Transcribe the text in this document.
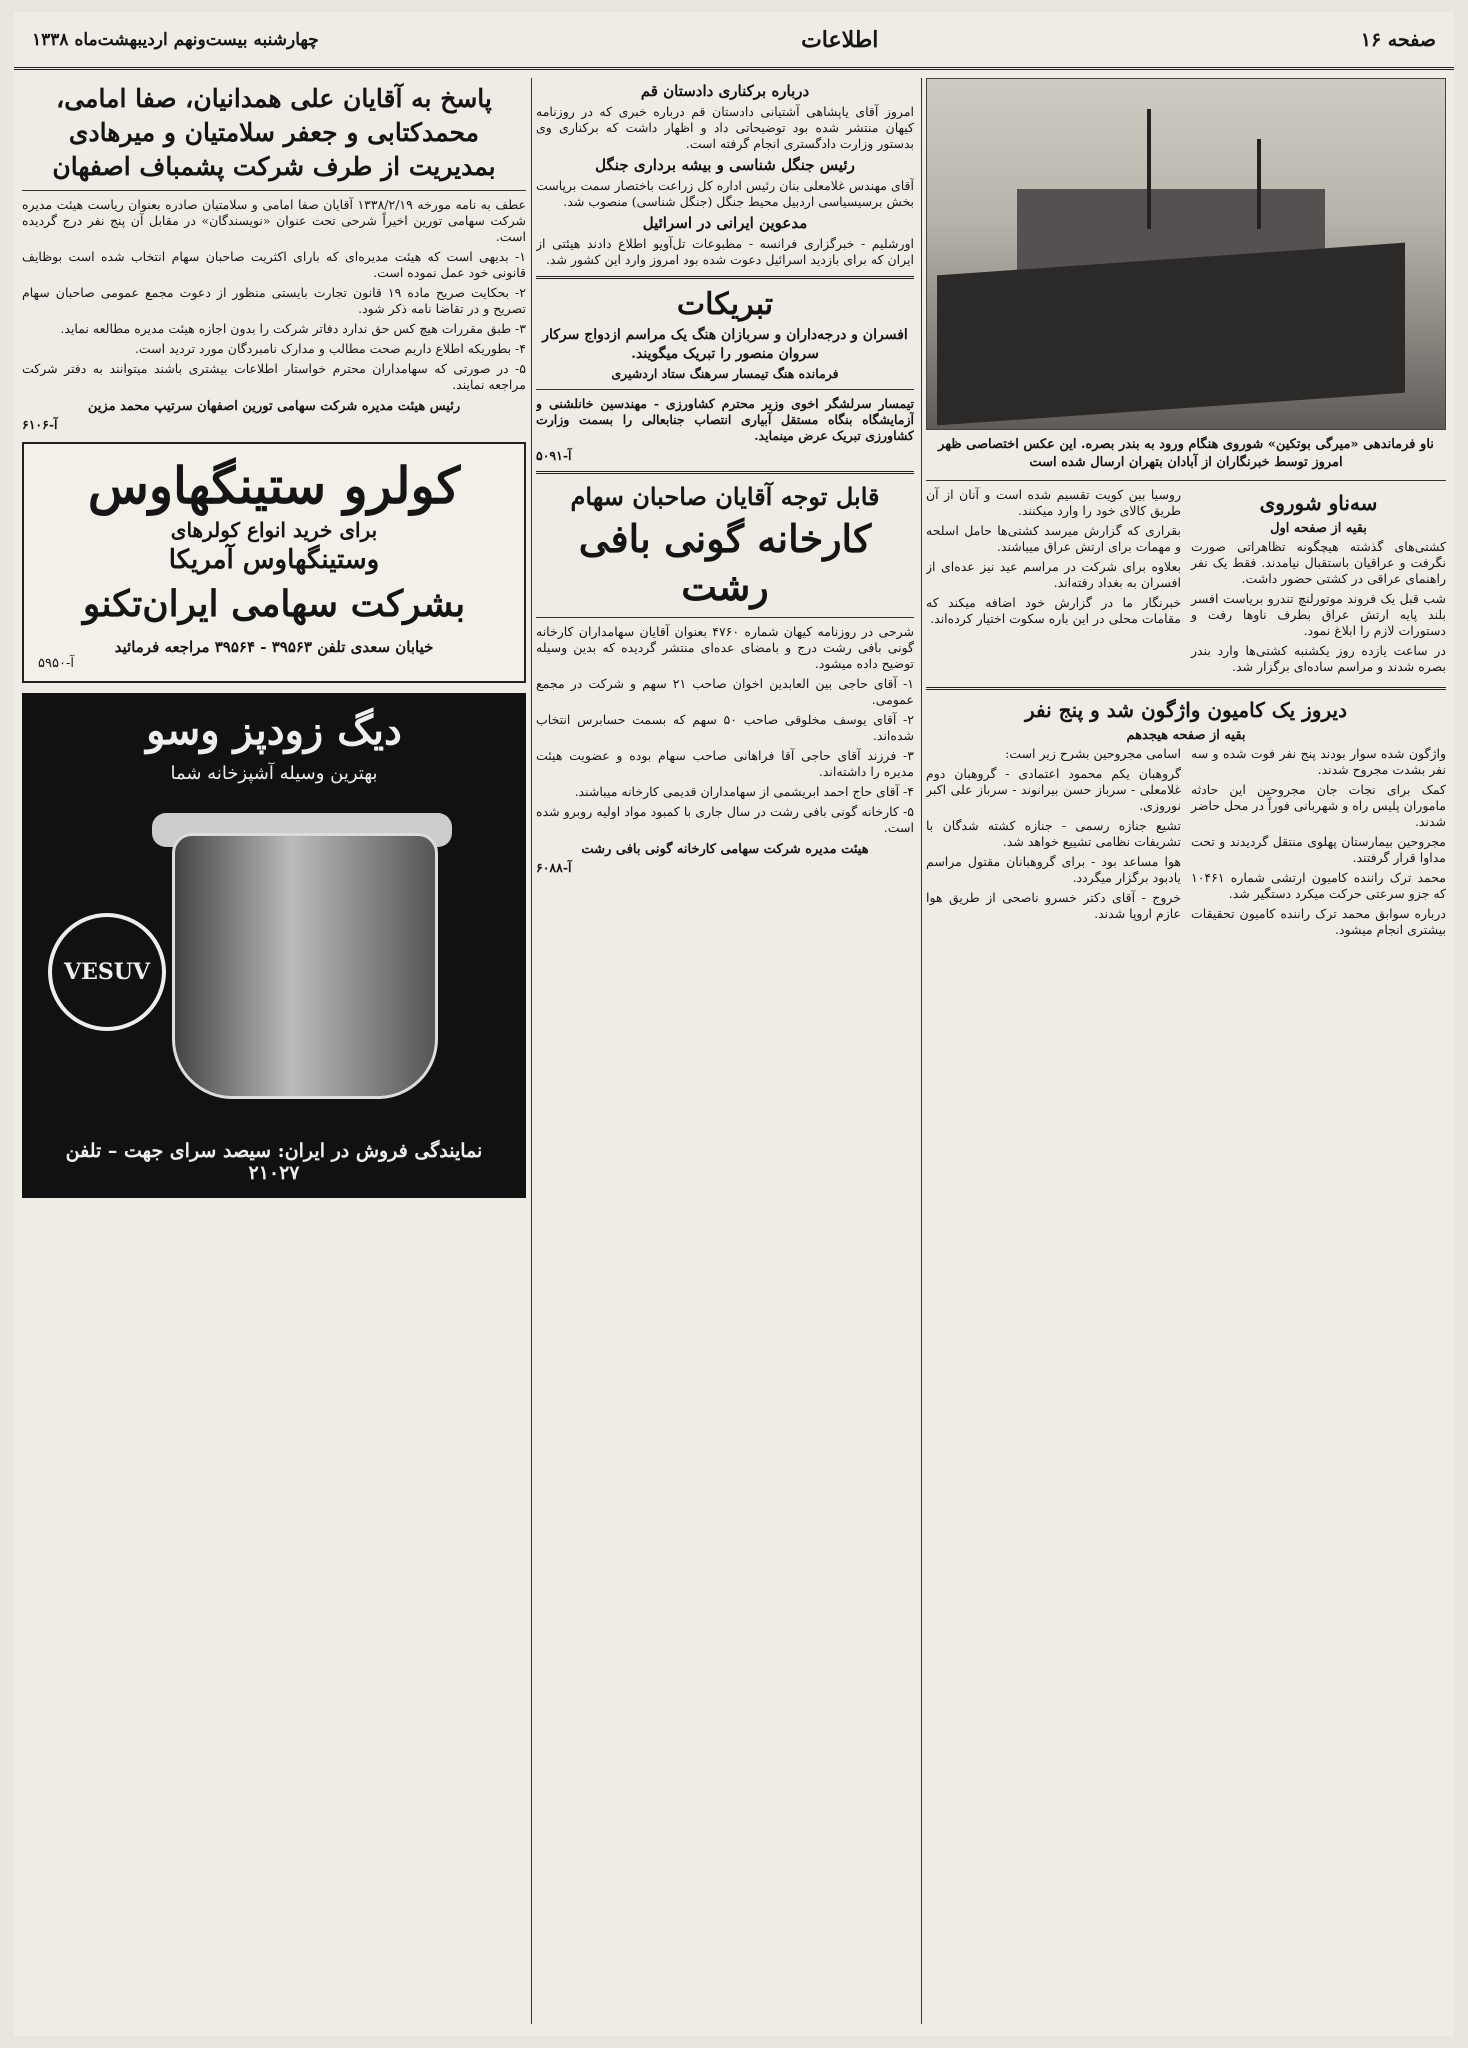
صفحه ۱۶
اطلاعات
چهارشنبه بیست‌ونهم اردیبهشت‌ماه ۱۳۳۸
ناو فرماندهی «میرگی بوتکین» شوروی هنگام ورود به بندر بصره. این عکس اختصاصی ظهر امروز توسط خبرنگاران از آبادان بتهران ارسال شده است
سه‌ناو شوروی
بقیه از صفحه اول

کشتی‌های گذشته هیچگونه تظاهراتی صورت نگرفت و عراقیان باستقبال نیامدند. فقط یک نفر راهنمای عراقی در کشتی حضور داشت.

شب قبل یک فروند موتورلنچ تندرو بریاست افسر بلند پایه ارتش عراق بطرف ناوها رفت و دستورات لازم را ابلاغ نمود.

در ساعت یازده روز یکشنبه کشتی‌ها وارد بندر بصره شدند و مراسم ساده‌ای برگزار شد.

روسیا بین کویت تقسیم شده است و آنان از آن طریق کالای خود را وارد میکنند.

بقراری که گزارش میرسد کشتی‌ها حامل اسلحه و مهمات برای ارتش عراق میباشند.

بعلاوه برای شرکت در مراسم عید نیز عده‌ای از افسران به بغداد رفته‌اند.

خبرنگار ما در گزارش خود اضافه میکند که مقامات محلی در این باره سکوت اختیار کرده‌اند.

دیروز یک کامیون واژگون شد و پنج نفر
بقیه از صفحه هیجدهم

واژگون شده سوار بودند پنج نفر فوت شده و سه نفر بشدت مجروح شدند.

کمک برای نجات جان مجروحین این حادثه ماموران پلیس راه و شهربانی فوراً در محل حاضر شدند.

مجروحین بیمارستان پهلوی منتقل گردیدند و تحت مداوا قرار گرفتند.

محمد ترک راننده کامیون ارتشی شماره ۱۰۴۶۱ که جزو سرعتی حرکت میکرد دستگیر شد.

درباره سوابق محمد ترک راننده کامیون تحقیقات بیشتری انجام میشود.

اسامی مجروحین بشرح زیر است:

گروهبان یکم محمود اعتمادی - گروهبان دوم غلامعلی - سرباز حسن بیرانوند - سرباز علی اکبر نوروزی.

تشیع جنازه رسمی - جنازه کشته شدگان با تشریفات نظامی تشییع خواهد شد.

هوا مساعد بود - برای گروهبانان مقتول مراسم یادبود برگزار میگردد.

خروج - آقای دکتر خسرو ناصحی از طریق هوا عازم اروپا شدند.

درباره برکناری دادستان قم

امروز آقای یاپشاهی آشتیانی دادستان قم درباره خبری که در روزنامه کیهان منتشر شده بود توضیحاتی داد و اظهار داشت که برکناری وی بدستور وزارت دادگستری انجام گرفته است.

رئیس جنگل شناسی و بیشه برداری جنگل

آقای مهندس غلامعلی بنان رئیس اداره کل زراعت باختصار سمت برپاست بخش برسیسیاسی اردبیل محیط جنگل (جنگل شناسی) منصوب شد.

مدعوین ایرانی در اسرائیل

اورشلیم - خبرگزاری فرانسه - مطبوعات تل‌آویو اطلاع دادند هیئتی از ایران که برای بازدید اسرائیل دعوت شده بود امروز وارد این کشور شد.

تبریکات
افسران و درجه‌داران و سربازان هنگ یک مراسم ازدواج سرکار سروان منصور را تبریک میگویند.
فرمانده هنگ تیمسار سرهنگ ستاد اردشیری

تیمسار سرلشگر اخوی وزیر محترم کشاورزی - مهندسین خانلشنی و آزمایشگاه بنگاه مستقل آبیاری انتصاب جنابعالی را بسمت وزارت کشاورزی تبریک عرض مینماید.

آ-۵۰۹۱
قابل توجه آقایان صاحبان سهام
کارخانه گونی بافی رشت

شرحی در روزنامه کیهان شماره ۴۷۶۰ بعنوان آقایان سهامداران کارخانه گونی بافی رشت درج و بامضای عده‌ای منتشر گردیده که بدین وسیله توضیح داده میشود.

۱- آقای حاجی بین العابدین اخوان صاحب ۲۱ سهم و شرکت در مجمع عمومی.

۲- آقای یوسف مخلوقی صاحب ۵۰ سهم که بسمت حسابرس انتخاب شده‌اند.

۳- فرزند آقای حاجی آقا فراهانی صاحب سهام بوده و عضویت هیئت مدیره را داشته‌اند.

۴- آقای حاج احمد ابریشمی از سهامداران قدیمی کارخانه میباشند.

۵- کارخانه گونی بافی رشت در سال جاری با کمبود مواد اولیه روبرو شده است.

هیئت مدیره شرکت سهامی کارخانه گونی بافی رشت
آ-۶۰۸۸
پاسخ به آقایان علی همدانیان، صفا امامی، محمدکتابی و جعفر سلامتیان و میرهادی بمدیریت از طرف شرکت پشمباف اصفهان

عطف به نامه مورخه ۱۳۳۸/۲/۱۹ آقایان صفا امامی و سلامتیان صادره بعنوان ریاست هیئت مدیره شرکت سهامی تورین اخیراً شرحی تحت عنوان «نویسندگان» در مقابل آن پنج نفر درج گردیده است.

۱- بدیهی است که هیئت مدیره‌ای که بارای اکثریت صاحبان سهام انتخاب شده است بوظایف قانونی خود عمل نموده است.

۲- بحکایت صریح ماده ۱۹ قانون تجارت بایستی منظور از دعوت مجمع عمومی صاحبان سهام تصریح و در تقاضا نامه ذکر شود.

۳- طبق مقررات هیچ کس حق ندارد دفاتر شرکت را بدون اجازه هیئت مدیره مطالعه نماید.

۴- بطوریکه اطلاع داریم صحت مطالب و مدارک نامبردگان مورد تردید است.

۵- در صورتی که سهامداران محترم خواستار اطلاعات بیشتری باشند میتوانند به دفتر شرکت مراجعه نمایند.

رئیس هیئت مدیره شرکت سهامی تورین اصفهان سرتیپ محمد مزین
آ-۶۱۰۶
کولرو ستینگهاوس
برای خرید انواع کولرهای
وستینگهاوس آمریکا
بشرکت سهامی ایران‌تکنو
خیابان سعدی تلفن ۳۹۵۶۳ - ۳۹۵۶۴ مراجعه فرمائید
آ-۵۹۵۰
دیگ زودپز وسو
بهترین وسیله آشپزخانه شما
VESUV
نمایندگی فروش در ایران: سیصد سرای جهت – تلفن ۲۱۰۲۷
